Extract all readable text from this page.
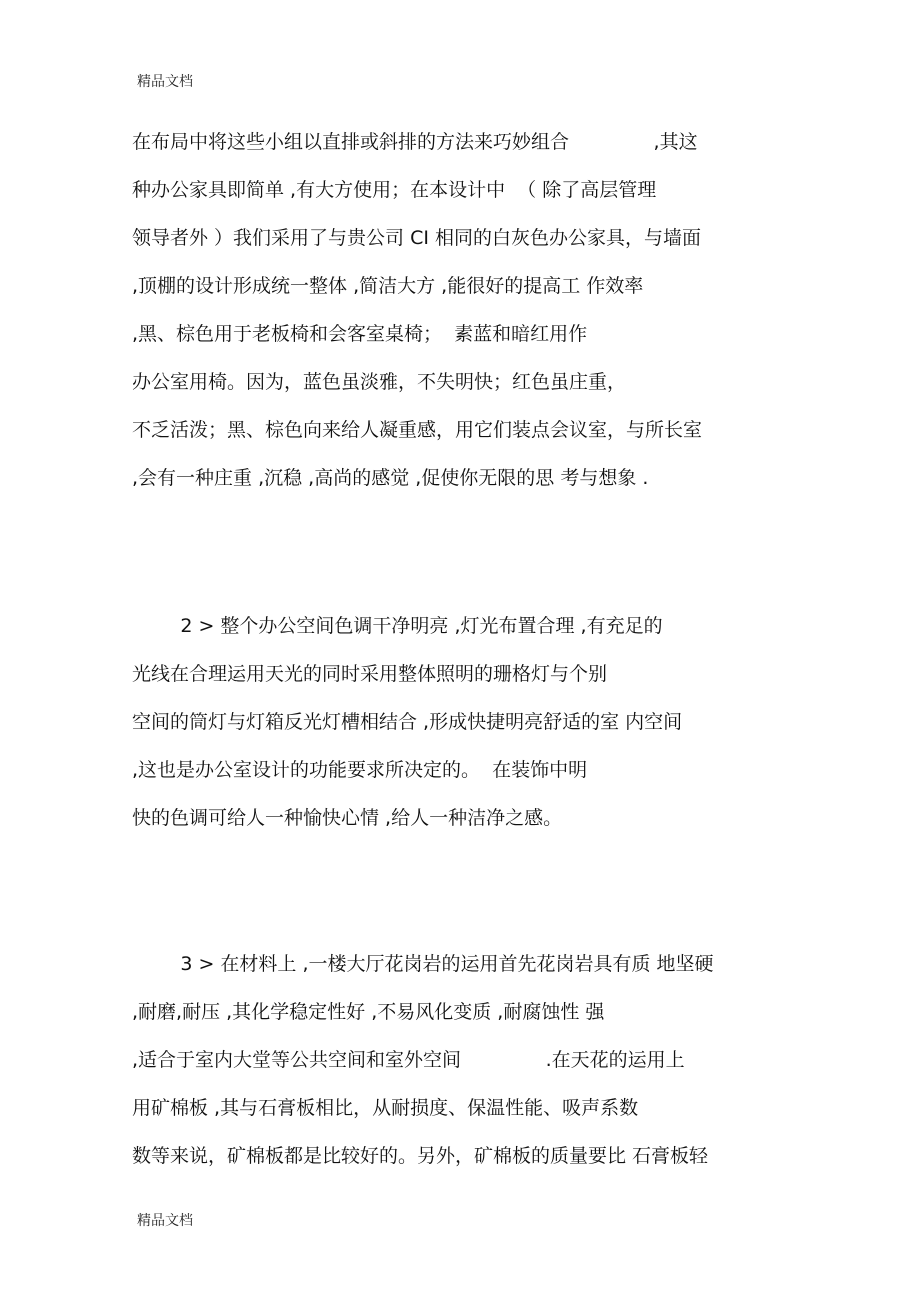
精品文档
在布局中将这些小组以直排或斜排的方法来巧妙组合              ,其这
种办公家具即简单 ,有大方使用；在本设计中  （ 除了高层管理
领导者外 ）我们采用了与贵公司 CI 相同的白灰色办公家具，与墙面
,顶棚的设计形成统一整体 ,简洁大方 ,能很好的提高工 作效率
,黑、棕色用于老板椅和会客室桌椅；  素蓝和暗红用作
办公室用椅。因为，蓝色虽淡雅，不失明快；红色虽庄重，
不乏活泼；黑、棕色向来给人凝重感，用它们装点会议室，与所长室
,会有一种庄重 ,沉稳 ,高尚的感觉 ,促使你无限的思 考与想象 .
2 > 整个办公空间色调干净明亮 ,灯光布置合理 ,有充足的
光线在合理运用天光的同时采用整体照明的珊格灯与个别
空间的筒灯与灯箱反光灯槽相结合 ,形成快捷明亮舒适的室 内空间
,这也是办公室设计的功能要求所决定的。  在装饰中明
快的色调可给人一种愉快心情 ,给人一种洁净之感。
3 > 在材料上 ,一楼大厅花岗岩的运用首先花岗岩具有质 地坚硬
,耐磨,耐压 ,其化学稳定性好 ,不易风化变质 ,耐腐蚀性 强
,适合于室内大堂等公共空间和室外空间              .在天花的运用上
用矿棉板 ,其与石膏板相比，从耐损度、保温性能、吸声系数
数等来说，矿棉板都是比较好的。另外，矿棉板的质量要比 石膏板轻
精品文档
